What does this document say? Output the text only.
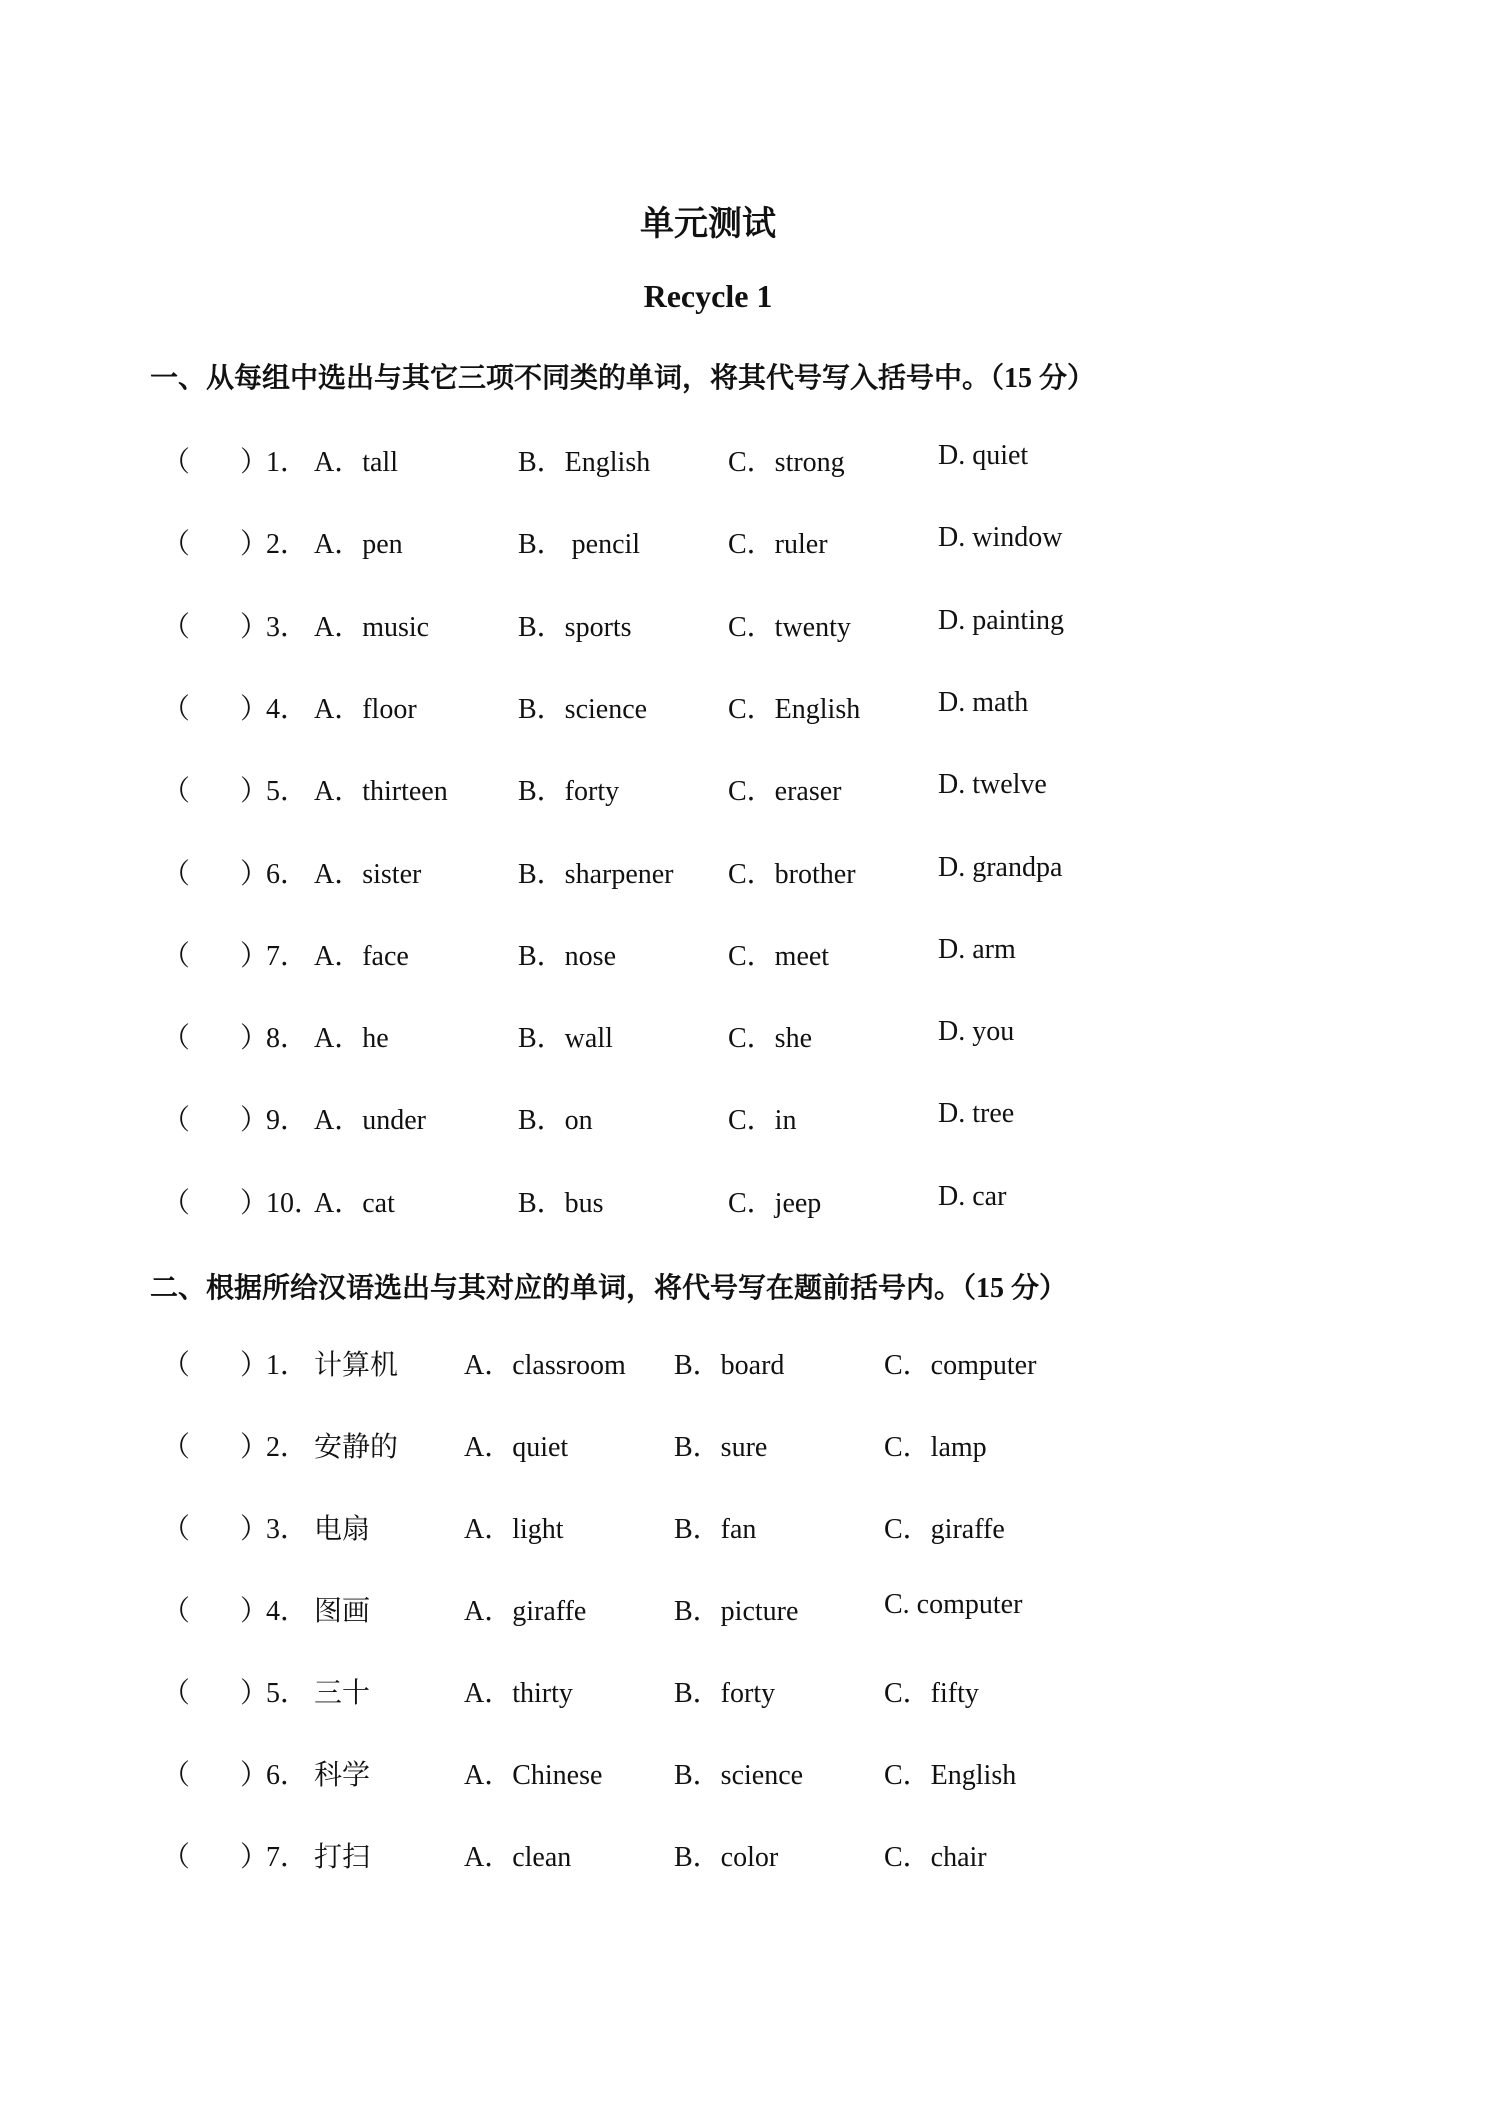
单元测试
Recycle 1
一、从每组中选出与其它三项不同类的单词，将其代号写入括号中。（15 分）
（ ）
1． A．tall	B．English	C．strong	D. quiet
（ ）
2． A．pen	B． pencil	C．ruler	D. window
（ ）
3． A．music	B．sports	C．twenty	D. painting
（ ）
4． A．floor	B．science	C．English	D. math
（ ）
5． A．thirteen	B．forty	C．eraser	D. twelve
（ ）
6． A．sister	B．sharpener C．brother	D. grandpa
（ ）
7． A．face	B．nose	C．meet	D. arm
（ ）
8． A．he	B．wall	C．she	D. you
（ ）
9． A．under	B．on	C．in	D. tree
（ ）
10．
A．cat	B．bus	C．jeep	D. car
二、根据所给汉语选出与其对应的单词，将代号写在题前括号内。（15 分）
（ ）
1． 计算机 A．classroom B．board	C．computer
（ ）
2． 安静的 A．quiet	B．sure	C．lamp
（ ）
3． 电扇	A．light	B．fan	C．giraffe
（ ）
4． 图画	A．giraffe	B．picture	C. computer
（ ）
5． 三十	A．thirty	B．forty	C．fifty
（ ）
6． 科学	A．Chinese	B．science	C．English
（ ）
7． 打扫	A．clean	B．color	C．chair
